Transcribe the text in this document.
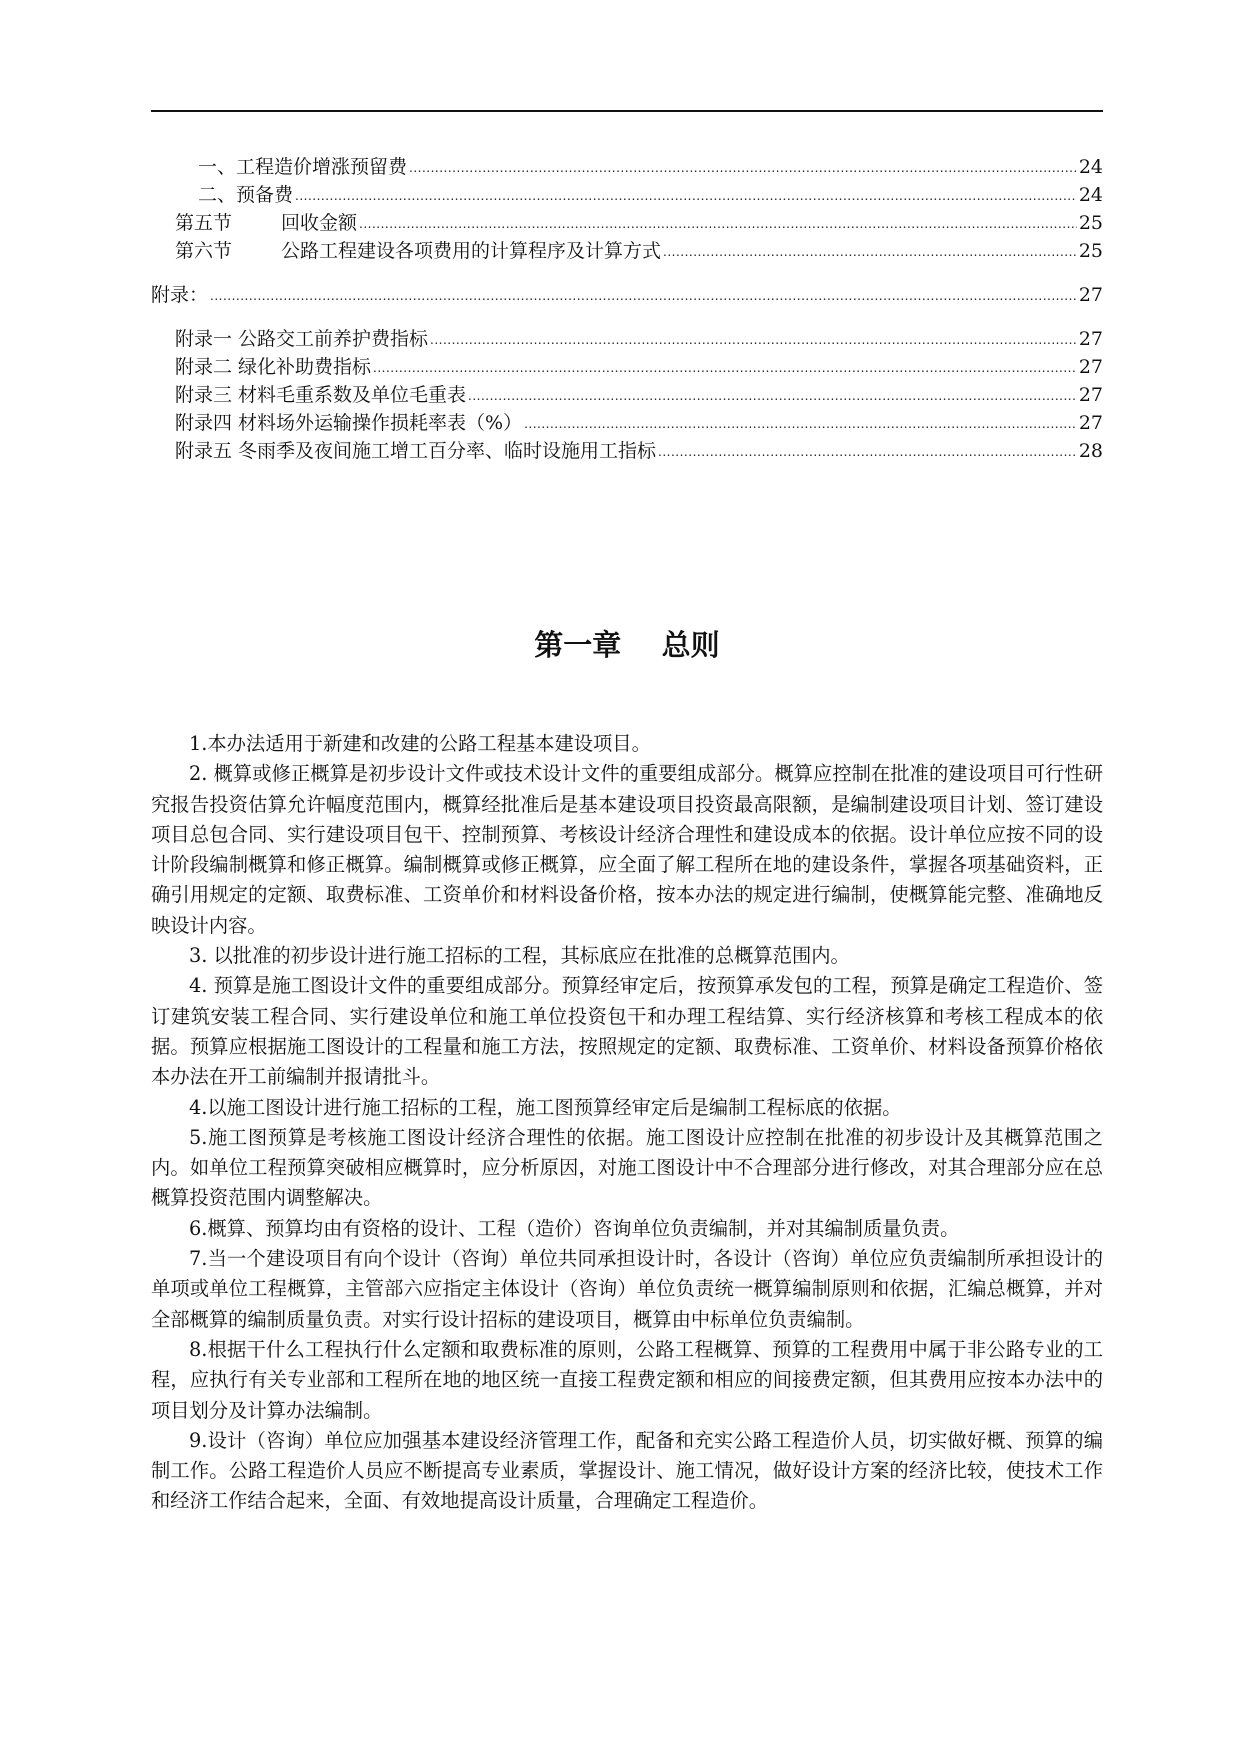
一、工程造价增涨预留费 .....	24
二、预备费 .....	24
第五节	回收金额 .....	25
第六节	公路工程建设各项费用的计算程序及计算方式 .....	25
附录： .....	27
附录一 公路交工前养护费指标 .....	27
附录二 绿化补助费指标 .....	27
附录三 材料毛重系数及单位毛重表 .....	27
附录四 材料场外运输操作损耗率表（%） .....	27
附录五 冬雨季及夜间施工增工百分率、临时设施用工指标 .....	28
第一章    总则

1.本办法适用于新建和改建的公路工程基本建设项目。

2. 概算或修正概算是初步设计文件或技术设计文件的重要组成部分。概算应控制在批准的建设项目可行性研究报告投资估算允许幅度范围内，概算经批准后是基本建设项目投资最高限额，是编制建设项目计划、签订建设项目总包合同、实行建设项目包干、控制预算、考核设计经济合理性和建设成本的依据。设计单位应按不同的设计阶段编制概算和修正概算。编制概算或修正概算，应全面了解工程所在地的建设条件，掌握各项基础资料，正确引用规定的定额、取费标准、工资单价和材料设备价格，按本办法的规定进行编制，使概算能完整、准确地反映设计内容。

3. 以批准的初步设计进行施工招标的工程，其标底应在批准的总概算范围内。

4. 预算是施工图设计文件的重要组成部分。预算经审定后，按预算承发包的工程，预算是确定工程造价、签订建筑安装工程合同、实行建设单位和施工单位投资包干和办理工程结算、实行经济核算和考核工程成本的依据。预算应根据施工图设计的工程量和施工方法，按照规定的定额、取费标准、工资单价、材料设备预算价格依本办法在开工前编制并报请批斗。

4.以施工图设计进行施工招标的工程，施工图预算经审定后是编制工程标底的依据。

5.施工图预算是考核施工图设计经济合理性的依据。施工图设计应控制在批准的初步设计及其概算范围之内。如单位工程预算突破相应概算时，应分析原因，对施工图设计中不合理部分进行修改，对其合理部分应在总概算投资范围内调整解决。

6.概算、预算均由有资格的设计、工程（造价）咨询单位负责编制，并对其编制质量负责。

7.当一个建设项目有向个设计（咨询）单位共同承担设计时，各设计（咨询）单位应负责编制所承担设计的单项或单位工程概算，主管部六应指定主体设计（咨询）单位负责统一概算编制原则和依据，汇编总概算，并对全部概算的编制质量负责。对实行设计招标的建设项目，概算由中标单位负责编制。

8.根据干什么工程执行什么定额和取费标准的原则，公路工程概算、预算的工程费用中属于非公路专业的工程，应执行有关专业部和工程所在地的地区统一直接工程费定额和相应的间接费定额，但其费用应按本办法中的项目划分及计算办法编制。

9.设计（咨询）单位应加强基本建设经济管理工作，配备和充实公路工程造价人员，切实做好概、预算的编制工作。公路工程造价人员应不断提高专业素质，掌握设计、施工情况，做好设计方案的经济比较，使技术工作和经济工作结合起来，全面、有效地提高设计质量，合理确定工程造价。
